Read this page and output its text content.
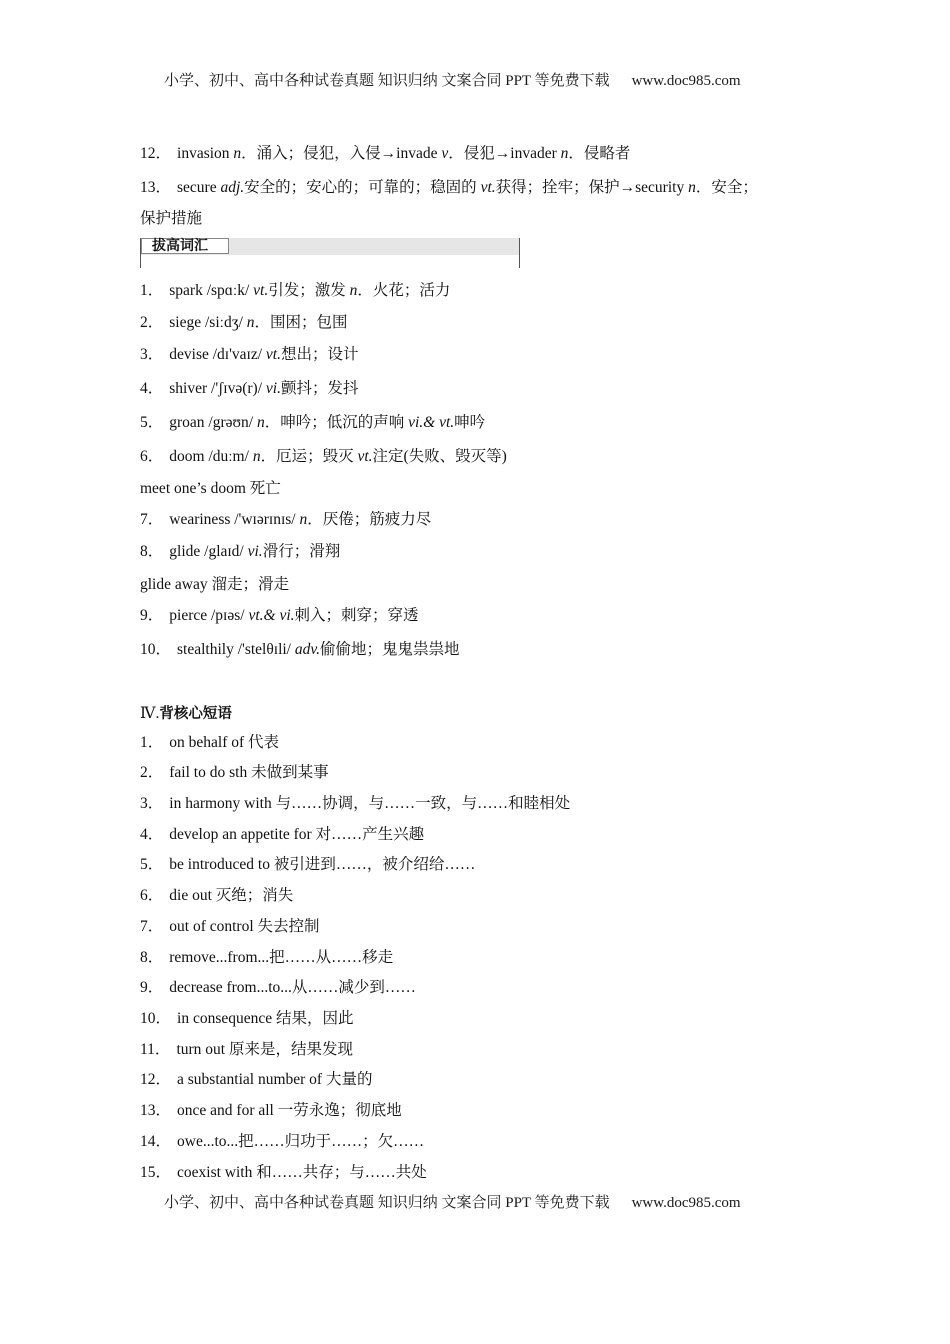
小学、初中、高中各种试卷真题 知识归纳 文案合同 PPT 等免费下载 www.doc985.com
12． invasion n．涌入；侵犯，入侵→invade v．侵犯→invader n．侵略者
13． secure adj.安全的；安心的；可靠的；稳固的 vt.获得；拴牢；保护→security n．安全；
保护措施
拔高词汇
1． spark /spɑːk/ vt.引发；激发 n．火花；活力
2． siege /siːdʒ/ n．围困；包围
3． devise /dɪ'vaɪz/ vt.想出；设计
4． shiver /'ʃɪvə(r)/ vi.颤抖；发抖
5． groan /grəʊn/ n．呻吟；低沉的声响 vi.& vt.呻吟
6． doom /duːm/ n．厄运；毁灭 vt.注定(失败、毁灭等)
meet one’s doom 死亡
7． weariness /'wɪərɪnɪs/ n．厌倦；筋疲力尽
8． glide /glaɪd/ vi.滑行；滑翔
glide away 溜走；滑走
9． pierce /pɪəs/ vt.& vi.刺入；刺穿；穿透
10． stealthily /'stelθɪli/ adv.偷偷地；鬼鬼祟祟地
Ⅳ.背核心短语
1． on behalf of 代表
2． fail to do sth 未做到某事
3． in harmony with 与……协调，与……一致，与……和睦相处
4． develop an appetite for 对……产生兴趣
5． be introduced to 被引进到……，被介绍给……
6． die out 灭绝；消失
7． out of control 失去控制
8． remove...from...把……从……移走
9． decrease from...to...从……减少到……
10． in consequence 结果，因此
11． turn out 原来是，结果发现
12． a substantial number of 大量的
13． once and for all 一劳永逸；彻底地
14． owe...to...把……归功于……；欠……
15． coexist with 和……共存；与……共处
小学、初中、高中各种试卷真题 知识归纳 文案合同 PPT 等免费下载 www.doc985.com
